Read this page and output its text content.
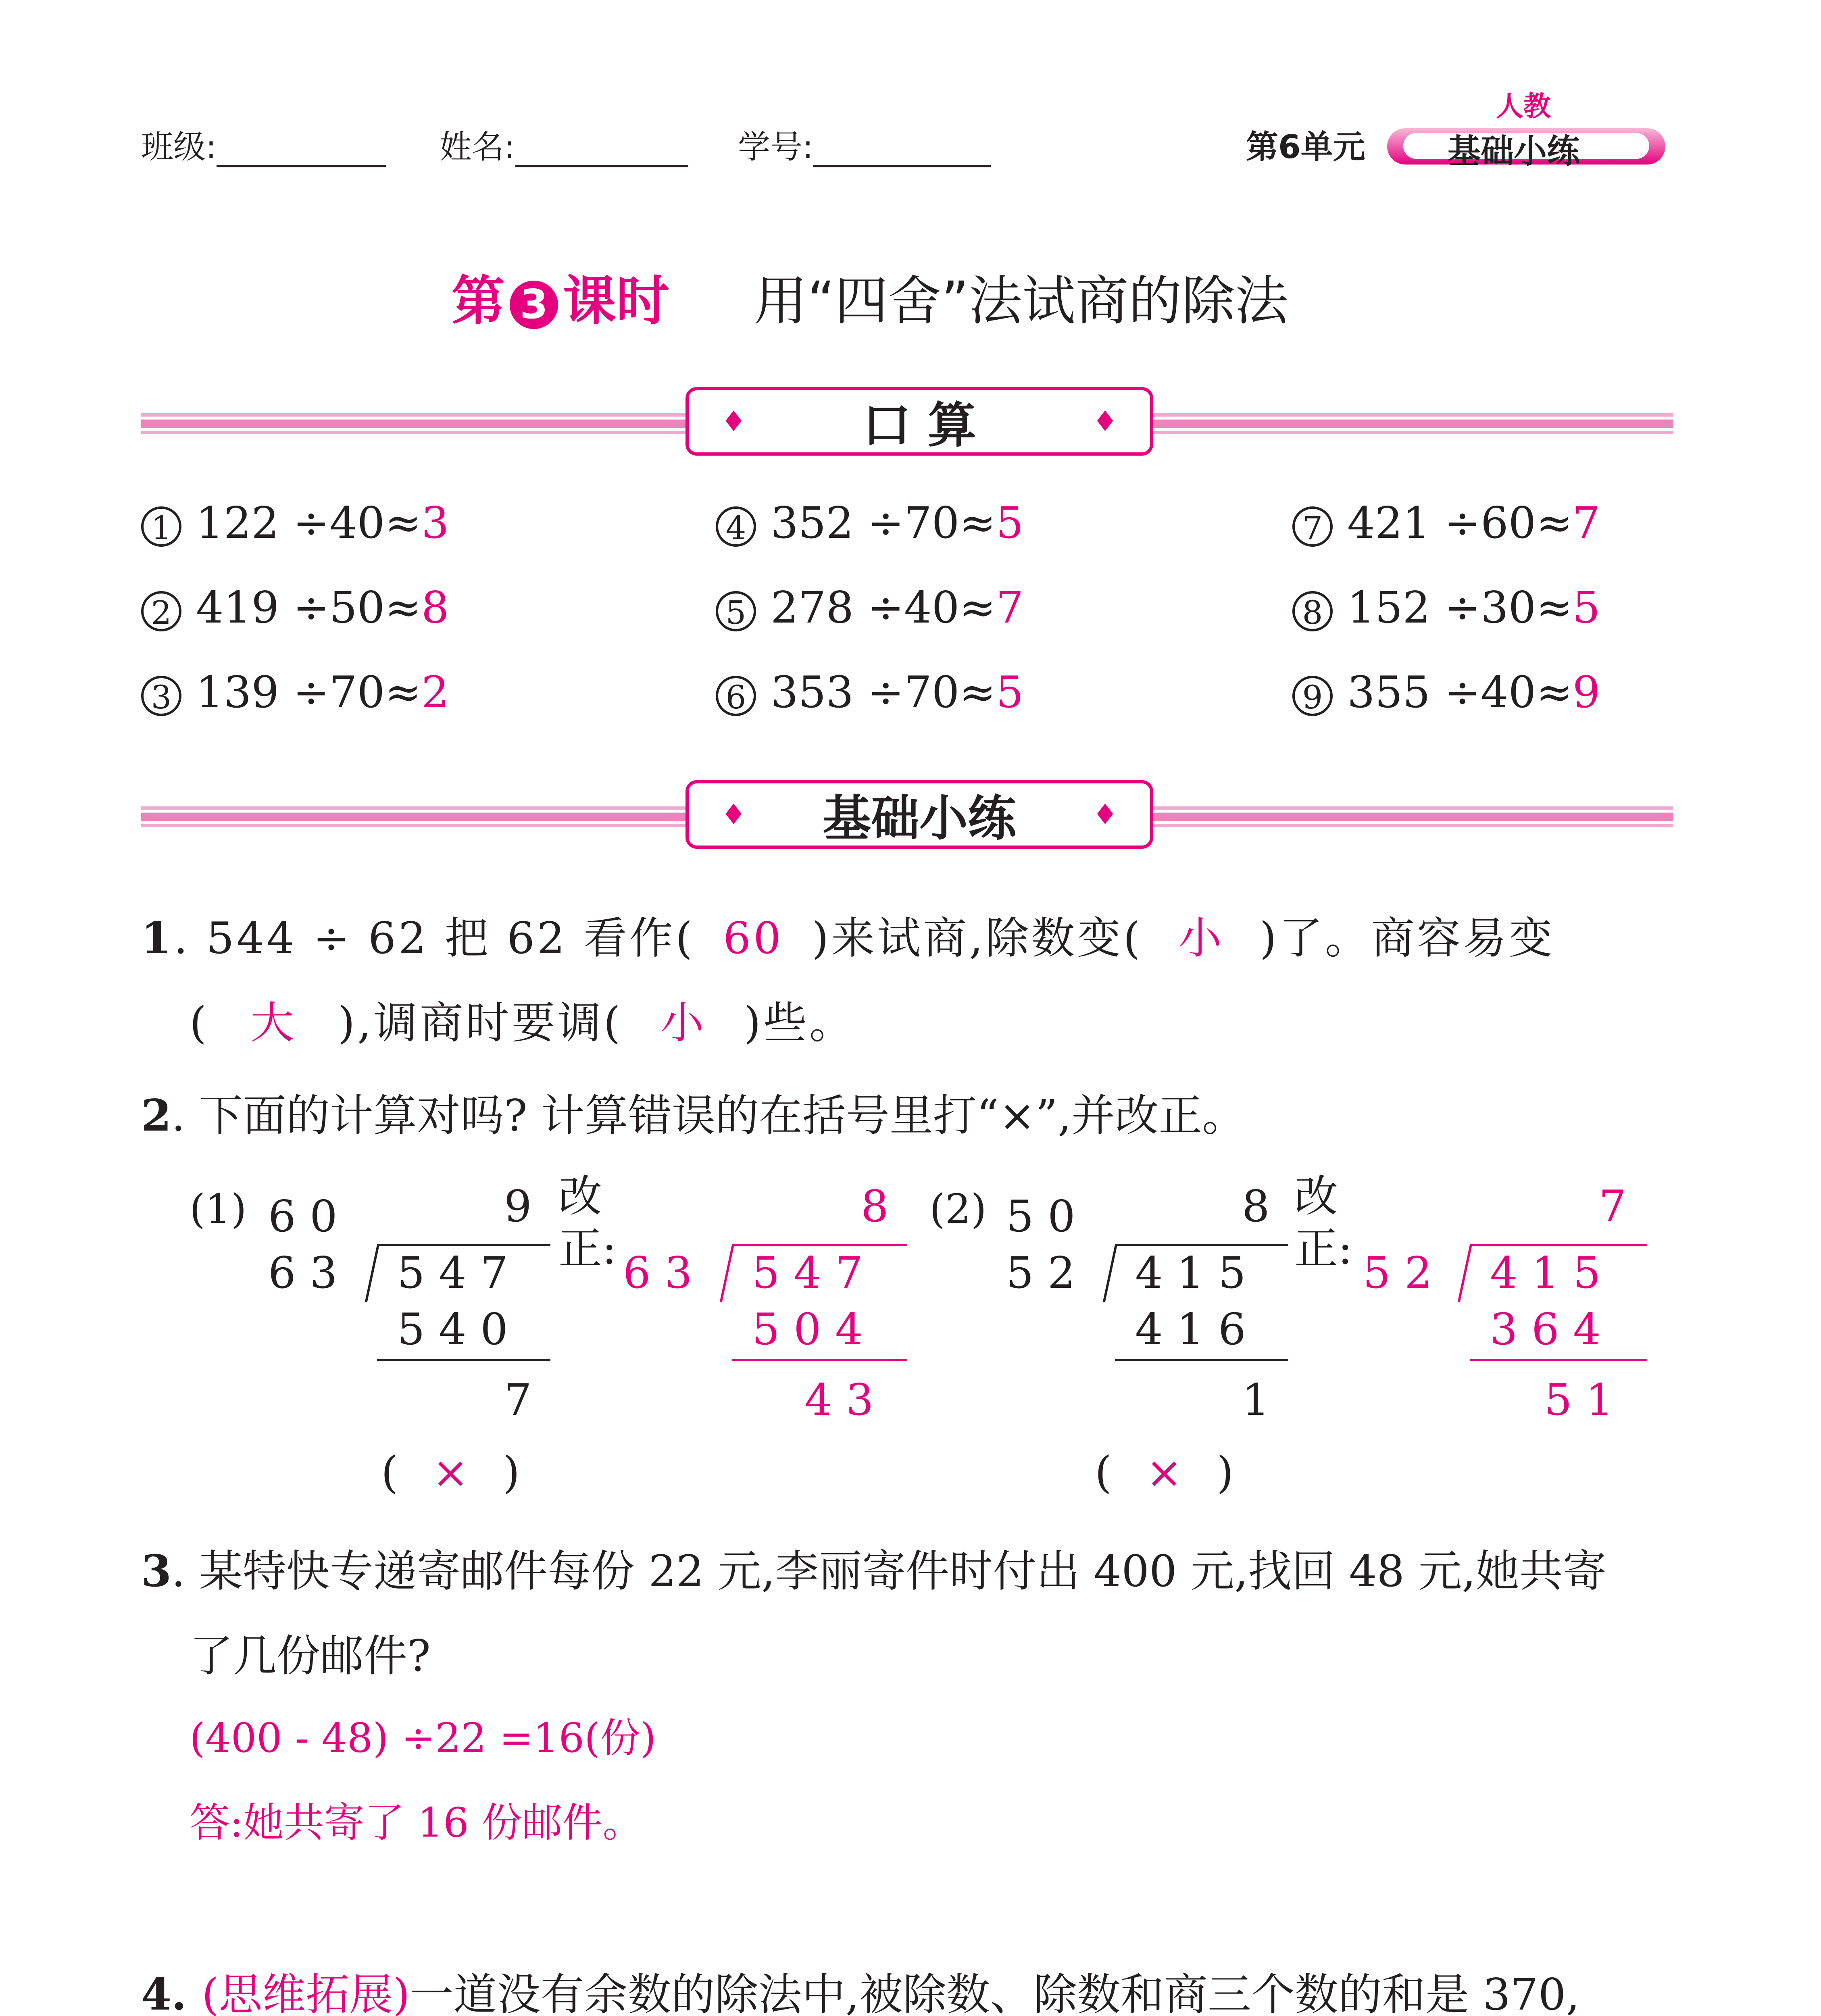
班级:	姓名:	学号:	第6单元
人教
基础小练
第 3 课时 用“四舍”法试商的除法
♦ 口 算	♦
1 122 ÷40≈3
2 419 ÷50≈8
3 139 ÷70≈2
4 352 ÷70≈5
5 278 ÷40≈7
6 353 ÷70≈5
7 421 ÷60≈7
8 152 ÷30≈5
9 355 ÷40≈9
♦ 基础小练	♦
1. 544 ÷ 62 把 62 看作( 60 )来试商,除数变( 小 )了。商容易变
( 大 ),调商时要调( 小 )些。
2. 下面的计算对吗? 计算错误的在括号里打“×”,并改正。
(1) 6 0	9
6 3 5 4 7
5 4 0
7
( × )
改
正:
8
6 3 5 4 7
5 0 4
4 3
(2) 5 0	8
5 2 4 1 5
4 1 6
1
( × )
改
正:
7
5 2 4 1 5
3 6 4
5 1
3. 某特快专递寄邮件每份 22 元,李丽寄件时付出 400 元,找回 48 元,她共寄
了几份邮件?
(400 - 48) ÷22 =16(份)
答:她共寄了 16 份邮件。
4. (思维拓展)一道没有余数的除法中,被除数、除数和商三个数的和是 370,
